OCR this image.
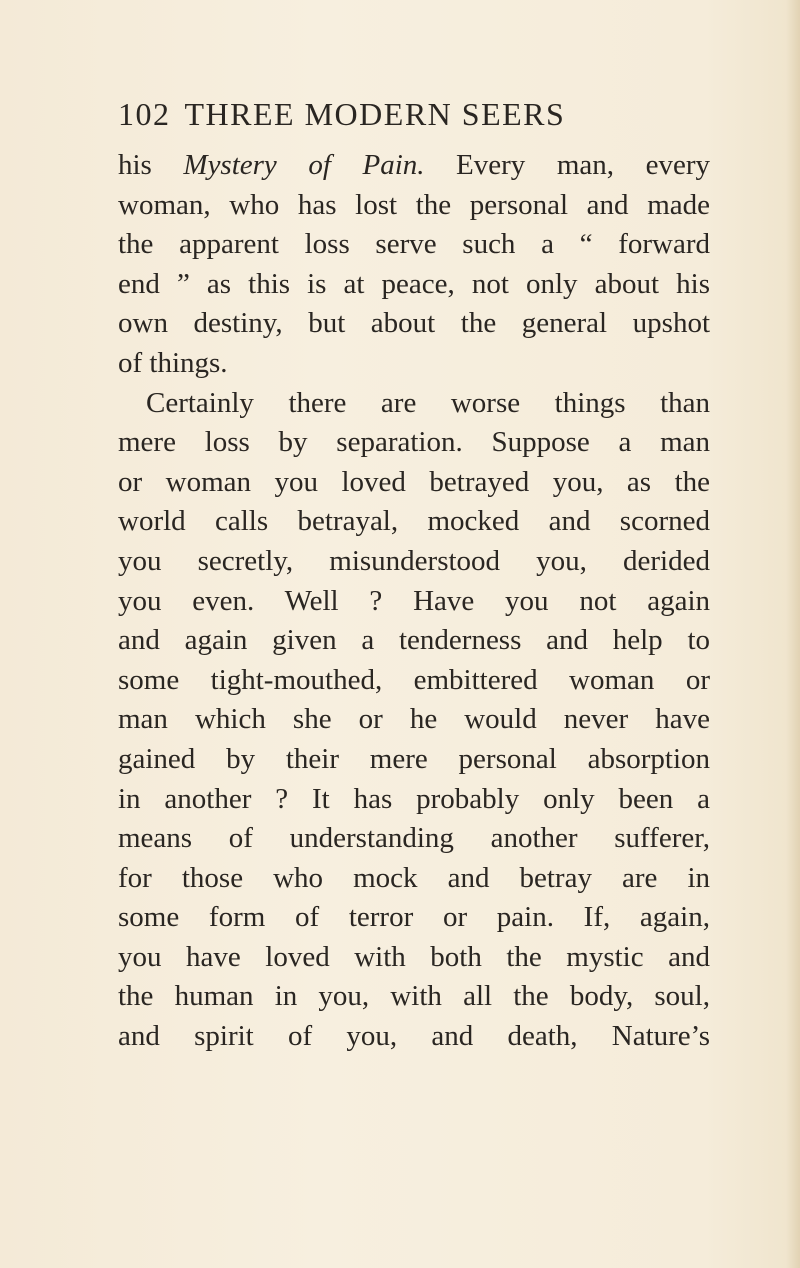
102 THREE MODERN SEERS
his Mystery of Pain. Every man, every
woman, who has lost the personal and made
the apparent loss serve such a “ forward
end ” as this is at peace, not only about his
own destiny, but about the general upshot
of things.
Certainly there are worse things than
mere loss by separation. Suppose a man
or woman you loved betrayed you, as the
world calls betrayal, mocked and scorned
you secretly, misunderstood you, derided
you even. Well ? Have you not again
and again given a tenderness and help to
some tight-mouthed, embittered woman or
man which she or he would never have
gained by their mere personal absorption
in another ? It has probably only been a
means of understanding another sufferer,
for those who mock and betray are in
some form of terror or pain. If, again,
you have loved with both the mystic and
the human in you, with all the body, soul,
and spirit of you, and death, Nature’s
